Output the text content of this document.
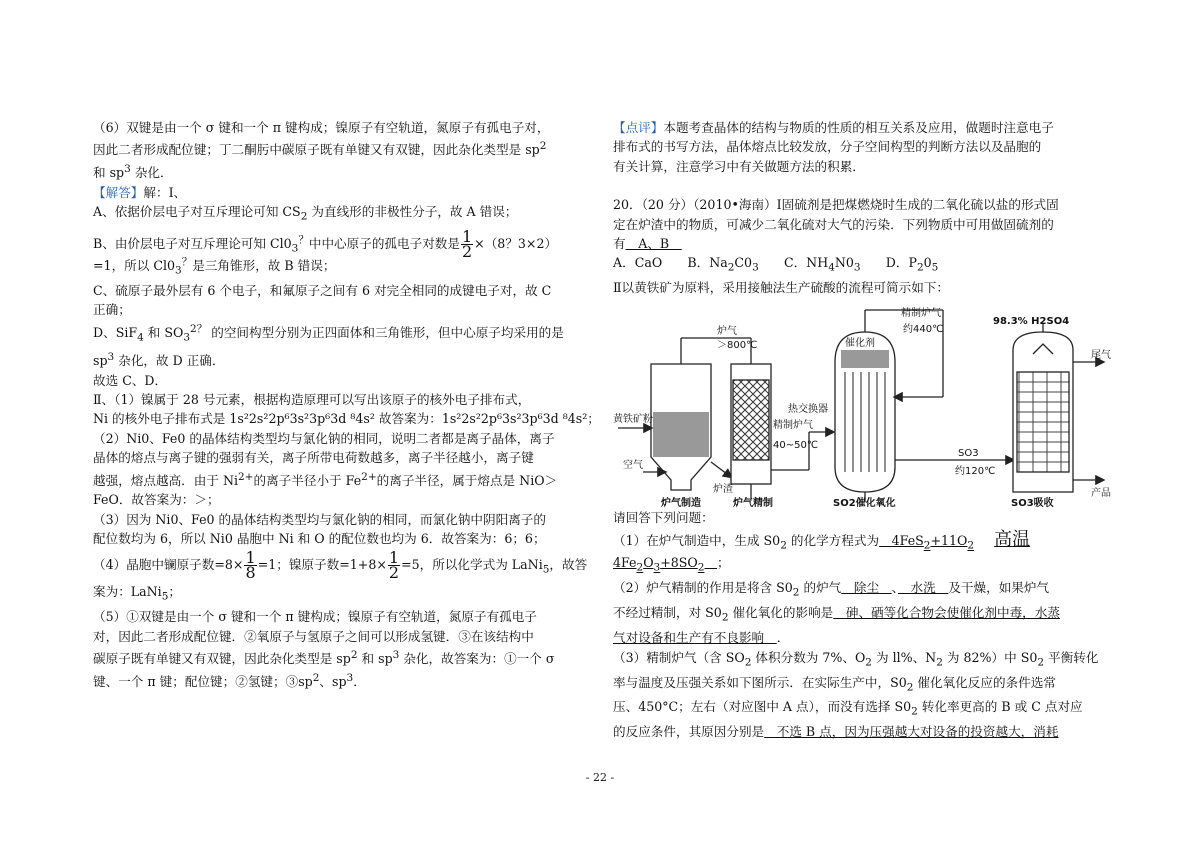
（6）双键是由一个 σ 键和一个 π 键构成；镍原子有空轨道，氮原子有孤电子对，
因此二者形成配位键；丁二酮肟中碳原子既有单键又有双键，因此杂化类型是 $sp^2$
和 $sp^3$ 杂化．
【解答】解：Ⅰ、
A、依据价层电子对互斥理论可知 $CS_2$ 为直线形的非极性分子，故 A 错误；
B、由价层电子对互斥理论可知 $Cl0_3^?$中中心原子的孤电子对数是 $\frac{1}{2} \times(8$？3×2）
=1，所以 $Cl0_3^?$是三角锥形，故 B 错误；
C、硫原子最外层有 6 个电子，和氟原子之间有 6 对完全相同的成键电子对，故 C
正确；
D、SiF$_4$ 和 $SO_3^{2?}$ 的空间构型分别为正四面体和三角锥形，但中心原子均采用的是
$sp^3$ 杂化，故 D 正确．
故选 C、D．
Ⅱ、（1）镍属于 28 号元素，根据构造原理可以写出该原子的核外电子排布式，
Ni 的核外电子排布式是 1s²2s²2p⁶3s²3p⁶3d ⁸4s² 故答案为：1s²2s²2p⁶3s²3p⁶3d ⁸4s²；
（2）Ni0、Fe0 的晶体结构类型均与氯化钠的相同，说明二者都是离子晶体，离子
晶体的熔点与离子键的强弱有关，离子所带电荷数越多，离子半径越小，离子键
越强，熔点越高．由于 $Ni^{2+}$的离子半径小于 $Fe^{2+}$的离子半径，属于熔点是 NiO＞
FeO．故答案为：＞；
（3）因为 Ni0、Fe0 的晶体结构类型均与氯化钠的相同，而氯化钠中阴阳离子的
配位数均为 6，所以 Ni0 晶胞中 Ni 和 O 的配位数也均为 6．故答案为：6；6；
（4）晶胞中镧原子数$=8\times \frac{1}{8} =1$；镍原子数$=1+8\times \frac{1}{2} =5$，所以化学式为 LaNi$_5$，故答
案为：LaNi$_5$；
（5）①双键是由一个 σ 键和一个 π 键构成；镍原子有空轨道，氮原子有孤电子
对，因此二者形成配位键．②氧原子与氢原子之间可以形成氢键．③在该结构中
碳原子既有单键又有双键，因此杂化类型是 $sp^2$ 和 $sp^3$ 杂化，故答案为：①一个 σ
键、一个 π 键；配位键；②氢键；$③sp^2$、$sp^3$．
【点评】本题考查晶体的结构与物质的性质的相互关系及应用，做题时注意电子
排布式的书写方法，晶体熔点比较发放，分子空间构型的判断方法以及晶胞的
有关计算，注意学习中有关做题方法的积累．
20．（20 分）（2010•海南）Ⅰ固硫剂是把煤燃烧时生成的二氧化硫以盐的形式固
定在炉渣中的物质，可减少二氧化硫对大气的污染．下列物质中可用做固硫剂的
有　A、B　
A．CaO　　B．$Na_2C0_3$　　C．$NH_4N0_3$　　D．$P_20_5$
Ⅱ以黄铁矿为原料，采用接触法生产硫酸的流程可简示如下：
炉气
＞800℃
黄铁矿粉
空气
炉渣
精制炉气
约440℃
催化剂
热交换器
精制炉气
40~50℃
SO3
约120℃
98.3% H2SO4
尾气
产品
炉气制造	炉气精制	SO2催化氧化	SO3吸收
请回答下列问题：
（1）在炉气制造中，生成 $S0_2$ 的化学方程式为　$4FeS_2+11O_2$ 高温
$4Fe_2O_3+8SO_2$　 ；
（2）炉气精制的作用是将含 $S0_2$ 的炉气　除尘　、　水洗　及干燥，如果炉气
不经过精制，对 $S0_2$ 催化氧化的影响是　砷、硒等化合物会使催化剂中毒，水蒸
气对设备和生产有不良影响　．
（3）精制炉气（含 $SO_2$ 体积分数为 7%、$O_2$ 为 ll%、$N_2$ 为 82%）中 $S0_2$ 平衡转化
率与温度及压强关系如下图所示．在实际生产中，$S0_2$ 催化氧化反应的条件选常
压、450°C；左右（对应图中 A 点），而没有选择 $S0_2$ 转化率更高的 B 或 C 点对应
的反应条件，其原因分别是　不选 B 点，因为压强越大对设备的投资越大，消耗
- 22 -
